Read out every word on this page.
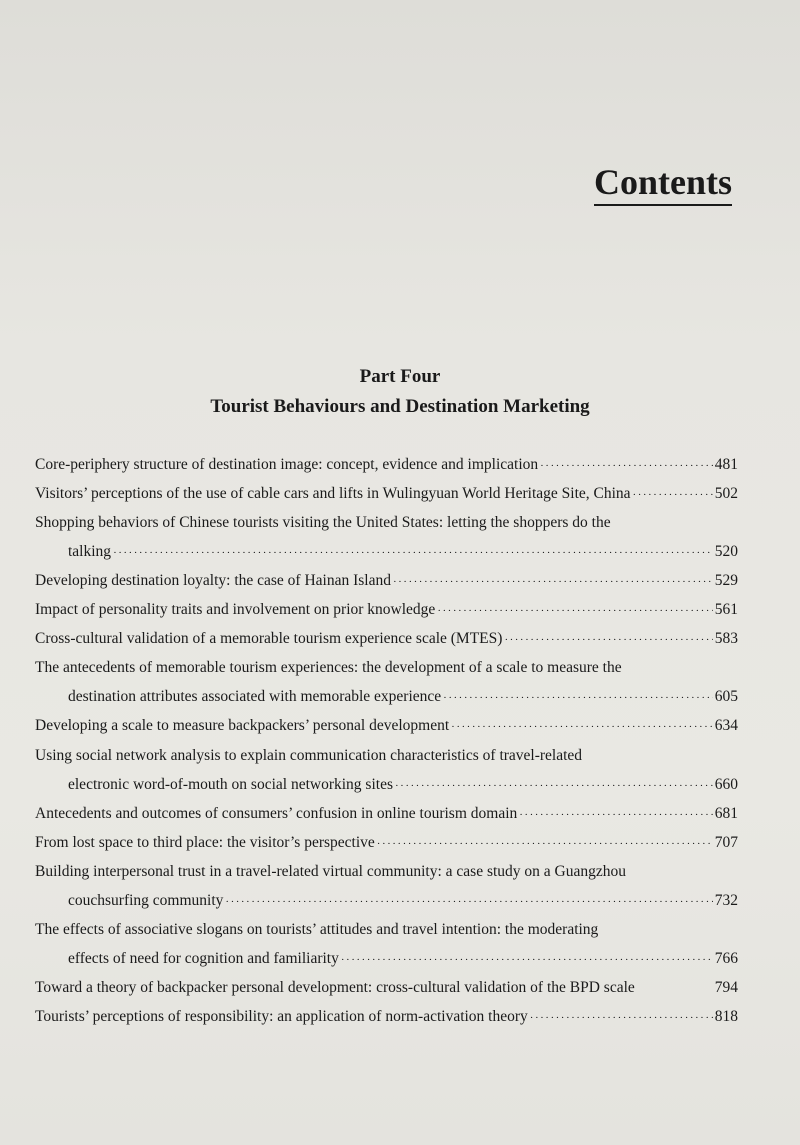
Contents
Part Four
Tourist Behaviours and Destination Marketing
Core-periphery structure of destination image: concept, evidence and implication ·····	481
Visitors’ perceptions of the use of cable cars and lifts in Wulingyuan World Heritage Site, China ·····	502
Shopping behaviors of Chinese tourists visiting the United States: letting the shoppers do the
talking ·····	520
Developing destination loyalty: the case of Hainan Island ·····	529
Impact of personality traits and involvement on prior knowledge ·····	561
Cross-cultural validation of a memorable tourism experience scale (MTES) ·····	583
The antecedents of memorable tourism experiences: the development of a scale to measure the
destination attributes associated with memorable experience ·····	605
Developing a scale to measure backpackers’ personal development ·····	634
Using social network analysis to explain communication characteristics of travel-related
electronic word-of-mouth on social networking sites ·····	660
Antecedents and outcomes of consumers’ confusion in online tourism domain ·····	681
From lost space to third place: the visitor’s perspective ·····	707
Building interpersonal trust in a travel-related virtual community: a case study on a Guangzhou
couchsurfing community ·····	732
The effects of associative slogans on tourists’ attitudes and travel intention: the moderating
effects of need for cognition and familiarity ·····	766
Toward a theory of backpacker personal development: cross-cultural validation of the BPD scale	794
Tourists’ perceptions of responsibility: an application of norm-activation theory ·····	818
